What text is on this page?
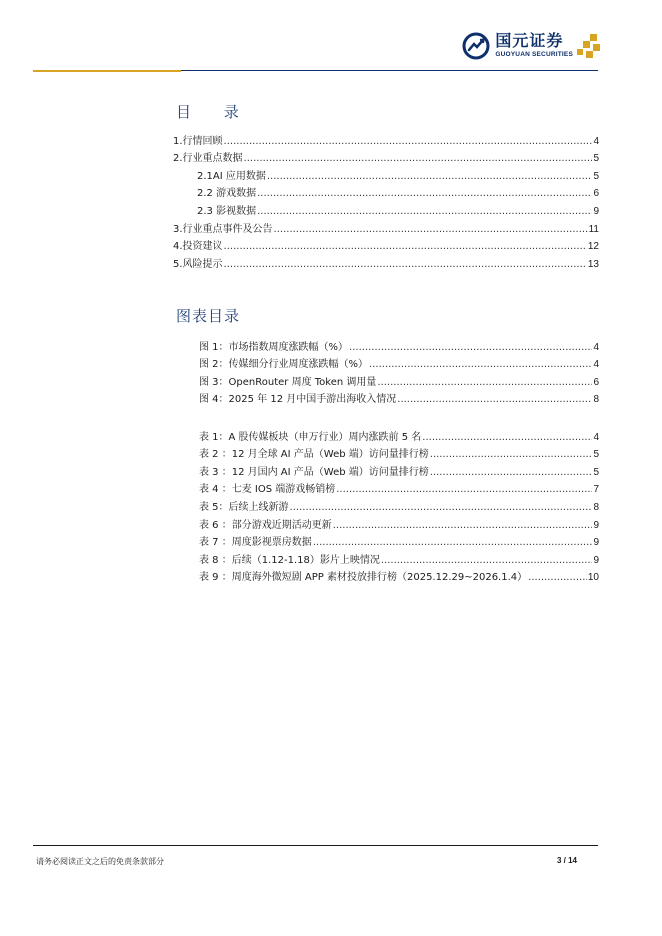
国元证券
GUOYUAN SECURITIES
目 录
1.行情回顾 .....	4
2.行业重点数据 .....	5
2.1AI 应用数据 .....	5
2.2 游戏数据 .....	6
2.3 影视数据 .....	9
3.行业重点事件及公告 .....	11
4.投资建议 .....	12
5.风险提示 .....	13
图表目录
图 1：市场指数周度涨跌幅（%） .....	4
图 2：传媒细分行业周度涨跌幅（%） .....	4
图 3：OpenRouter 周度 Token 调用量 .....	6
图 4：2025 年 12 月中国手游出海收入情况 .....	8
表 1：A 股传媒板块（申万行业）周内涨跌前 5 名 .....	4
表 2 ：12 月全球 AI 产品（Web 端）访问量排行榜 .....	5
表 3 ：12 月国内 AI 产品（Web 端）访问量排行榜 .....	5
表 4 ：七麦 IOS 端游戏畅销榜 .....	7
表 5：后续上线新游 .....	8
表 6 ：部分游戏近期活动更新 .....	9
表 7 ：周度影视票房数据 .....	9
表 8 ：后续（1.12-1.18）影片上映情况 .....	9
表 9 ：周度海外微短剧 APP 素材投放排行榜（2025.12.29~2026.1.4） .....	10
请务必阅读正文之后的免责条款部分	3 / 14
